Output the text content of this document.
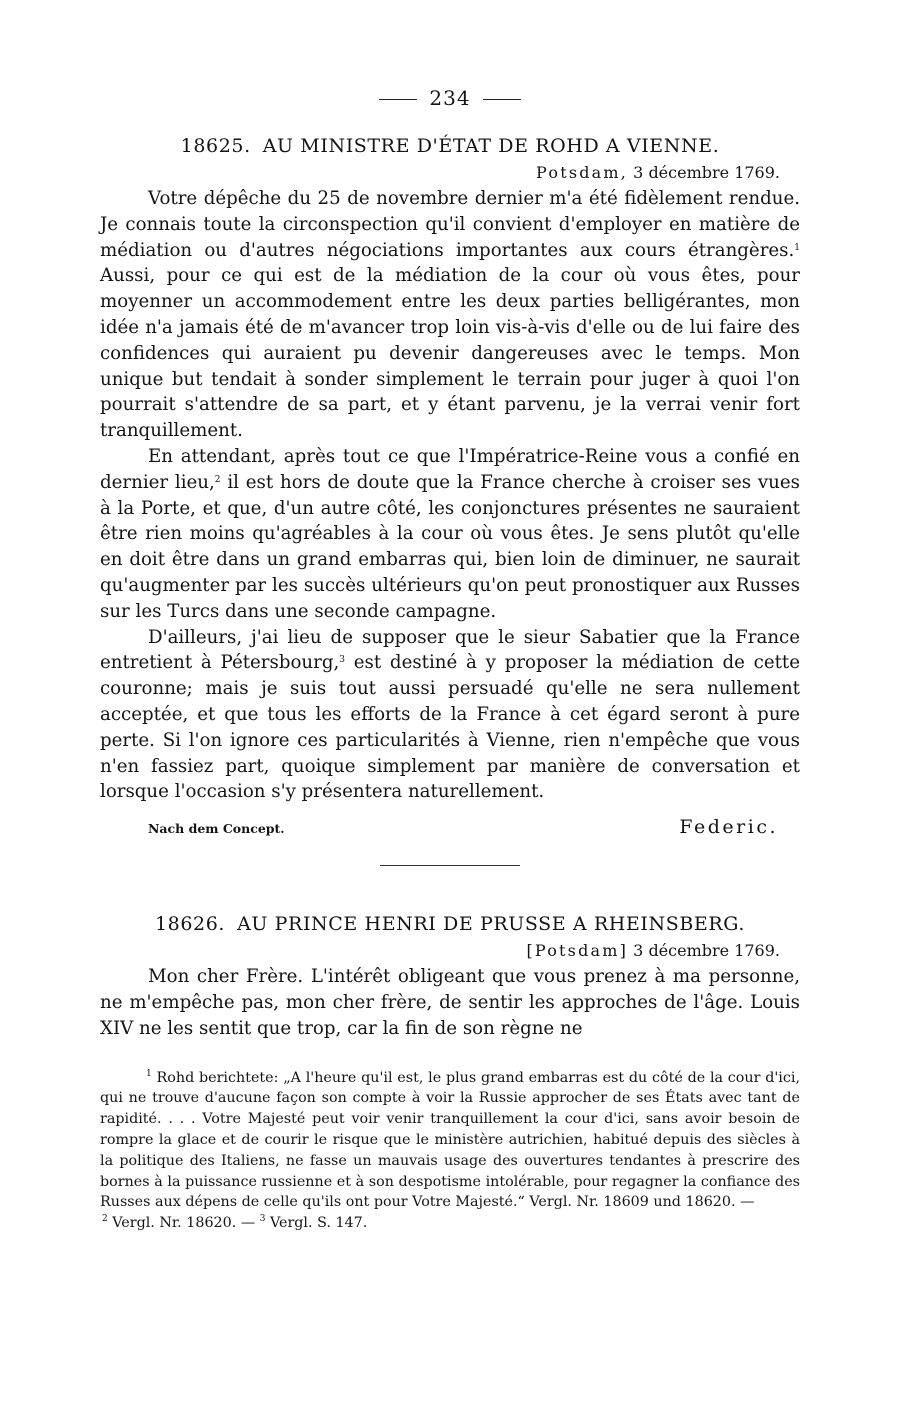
234
18625. AU MINISTRE D'ÉTAT DE ROHD A VIENNE.
Potsdam, 3 décembre 1769.

Votre dépêche du 25 de novembre dernier m'a été fidèlement rendue. Je connais toute la circonspection qu'il convient d'employer en matière de médiation ou d'autres négociations importantes aux cours étrangères.$^1$ Aussi, pour ce qui est de la médiation de la cour où vous êtes, pour moyenner un accommodement entre les deux parties belligérantes, mon idée n'a jamais été de m'avancer trop loin vis-à-vis d'elle ou de lui faire des confidences qui auraient pu devenir dangereuses avec le temps. Mon unique but tendait à sonder simplement le terrain pour juger à quoi l'on pourrait s'attendre de sa part, et y étant parvenu, je la verrai venir fort tranquillement.

En attendant, après tout ce que l'Impératrice-Reine vous a confié en dernier lieu,$^2$ il est hors de doute que la France cherche à croiser ses vues à la Porte, et que, d'un autre côté, les conjonctures présentes ne sauraient être rien moins qu'agréables à la cour où vous êtes. Je sens plutôt qu'elle en doit être dans un grand embarras qui, bien loin de diminuer, ne saurait qu'augmenter par les succès ultérieurs qu'on peut pronostiquer aux Russes sur les Turcs dans une seconde campagne.

D'ailleurs, j'ai lieu de supposer que le sieur Sabatier que la France entretient à Pétersbourg,$^3$ est destiné à y proposer la médiation de cette couronne; mais je suis tout aussi persuadé qu'elle ne sera nullement acceptée, et que tous les efforts de la France à cet égard seront à pure perte. Si l'on ignore ces particularités à Vienne, rien n'empêche que vous n'en fassiez part, quoique simplement par manière de conversation et lorsque l'occasion s'y présentera naturellement.

Nach dem Concept.	Federic.
18626. AU PRINCE HENRI DE PRUSSE A RHEINSBERG.
[Potsdam] 3 décembre 1769.

Mon cher Frère. L'intérêt obligeant que vous prenez à ma personne, ne m'empêche pas, mon cher frère, de sentir les approches de l'âge. Louis XIV ne les sentit que trop, car la fin de son règne ne

$^1$ Rohd berichtete: „A l'heure qu'il est, le plus grand embarras est du côté de la cour d'ici, qui ne trouve d'aucune façon son compte à voir la Russie approcher de ses États avec tant de rapidité. . . . Votre Majesté peut voir venir tranquillement la cour d'ici, sans avoir besoin de rompre la glace et de courir le risque que le ministère autrichien, habitué depuis des siècles à la politique des Italiens, ne fasse un mauvais usage des ouvertures tendantes à prescrire des bornes à la puissance russienne et à son despotisme intolérable, pour regagner la confiance des Russes aux dépens de celle qu'ils ont pour Votre Majesté.“ Vergl. Nr. 18609 und 18620. —

$^2$ Vergl. Nr. 18620. — $^3$ Vergl. S. 147.
